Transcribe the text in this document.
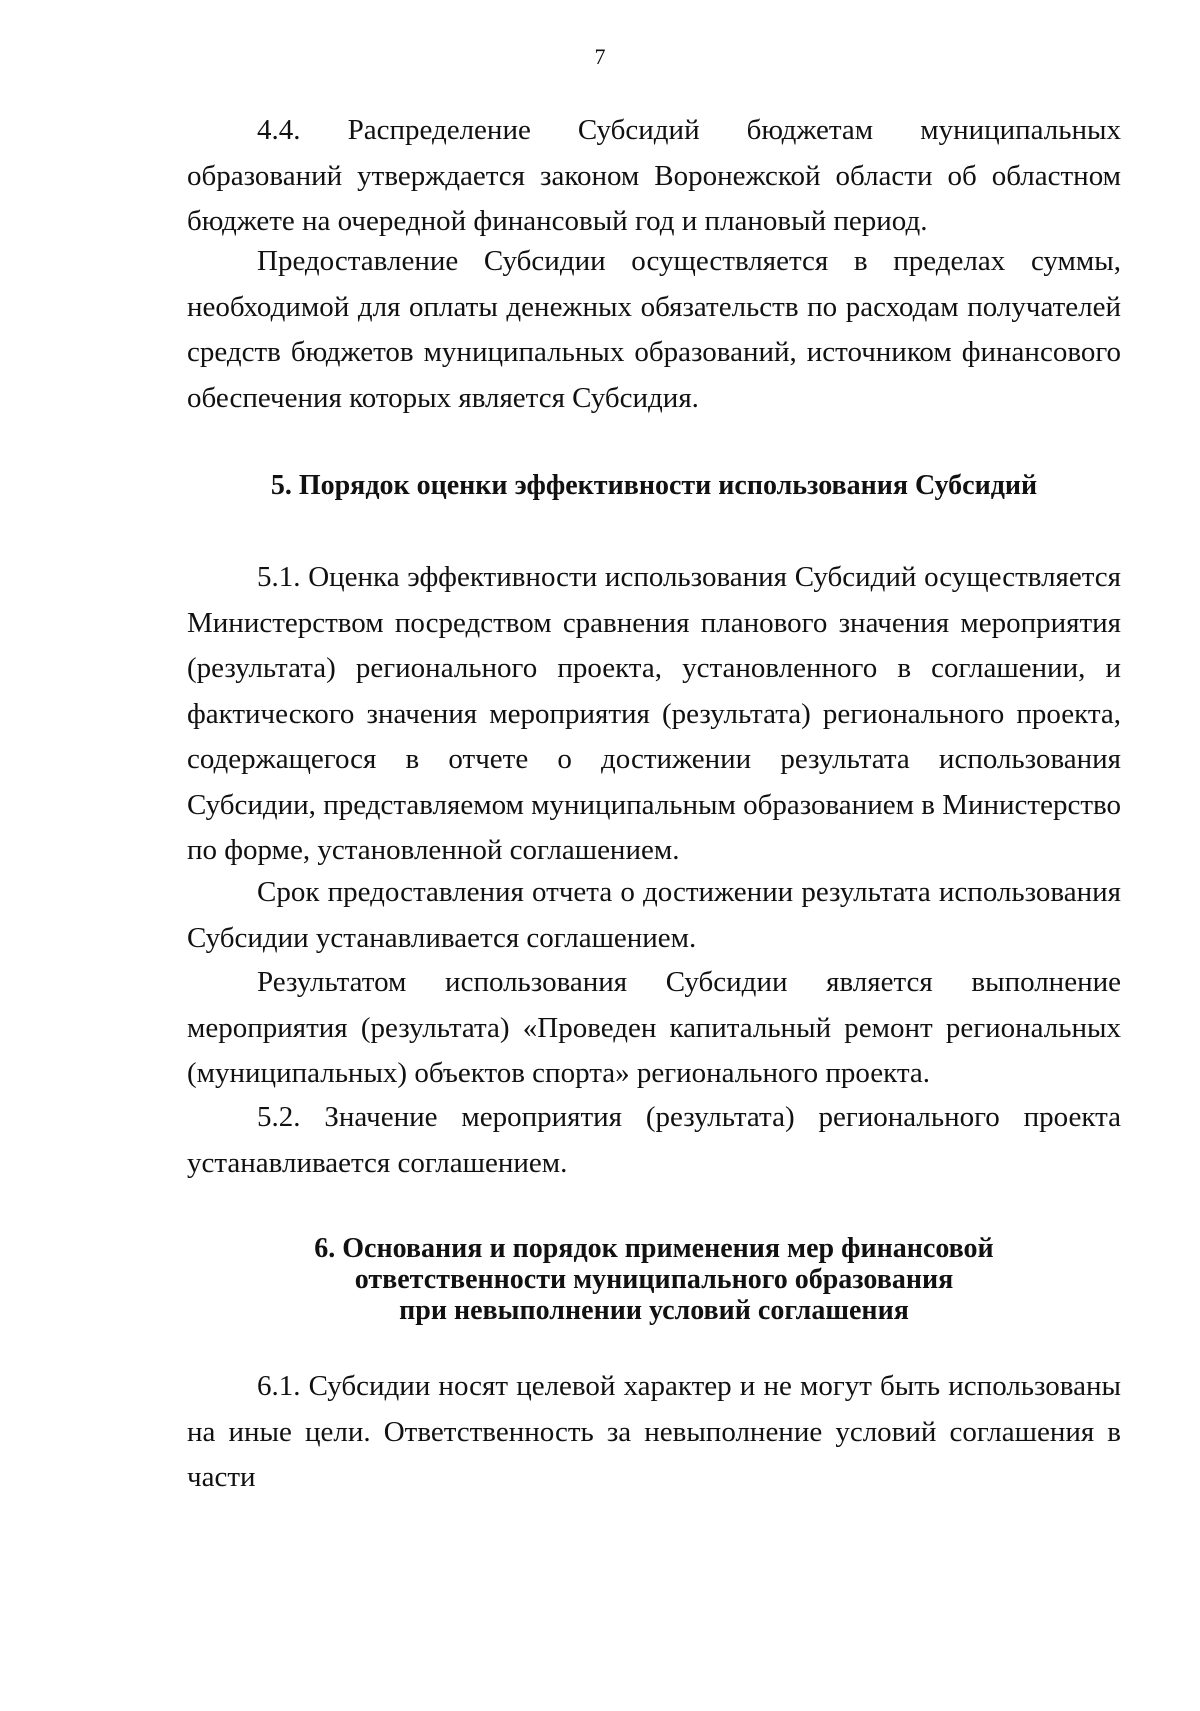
7

4.4. Распределение Субсидий бюджетам муниципальных образований утверждается законом Воронежской области об областном бюджете на очередной финансовый год и плановый период.

Предоставление Субсидии осуществляется в пределах суммы, необходимой для оплаты денежных обязательств по расходам получателей средств бюджетов муниципальных образований, источником финансового обеспечения которых является Субсидия.

5. Порядок оценки эффективности использования Субсидий

5.1. Оценка эффективности использования Субсидий осуществляется Министерством посредством сравнения планового значения мероприятия (результата) регионального проекта, установленного в соглашении, и фактического значения мероприятия (результата) регионального проекта, содержащегося в отчете о достижении результата использования Субсидии, представляемом муниципальным образованием в Министерство по форме, установленной соглашением.

Срок предоставления отчета о достижении результата использования Субсидии устанавливается соглашением.

Результатом использования Субсидии является выполнение мероприятия (результата) «Проведен капитальный ремонт региональных (муниципальных) объектов спорта» регионального проекта.

5.2. Значение мероприятия (результата) регионального проекта устанавливается соглашением.

6. Основания и порядок применения мер финансовой
ответственности муниципального образования
при невыполнении условий соглашения

6.1. Субсидии носят целевой характер и не могут быть использованы на иные цели. Ответственность за невыполнение условий соглашения в части
